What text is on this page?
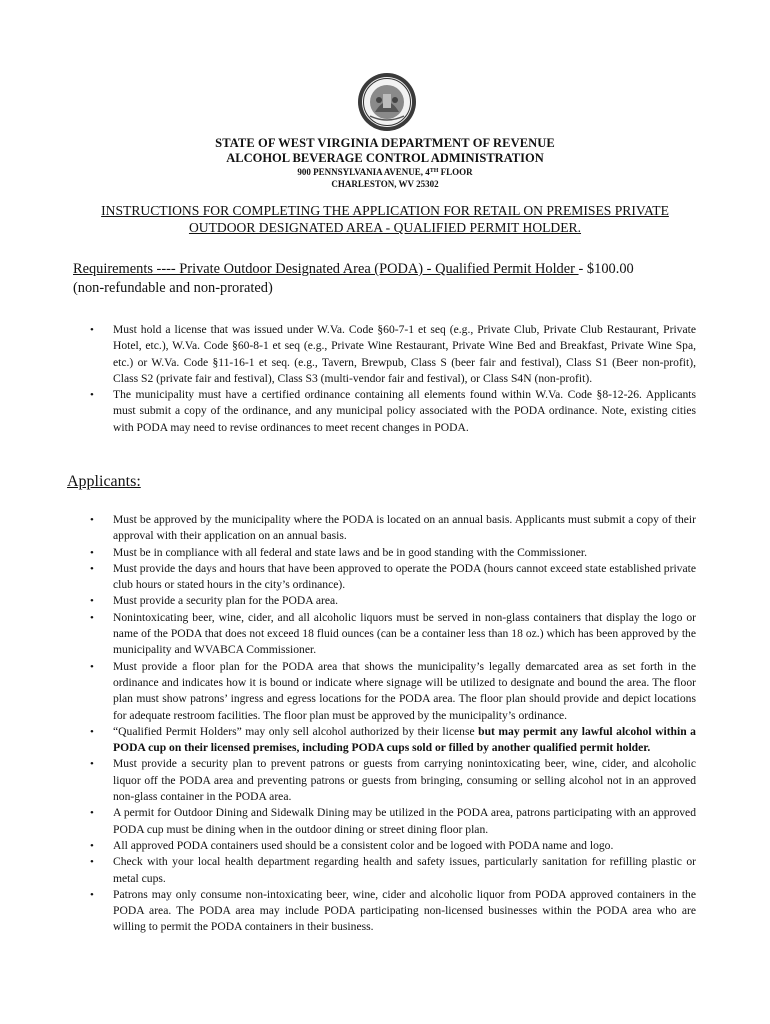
STATE OF WEST VIRGINIA DEPARTMENT OF REVENUE
ALCOHOL BEVERAGE CONTROL ADMINISTRATION
900 PENNSYLVANIA AVENUE, 4TH FLOOR
CHARLESTON, WV 25302
INSTRUCTIONS FOR COMPLETING THE APPLICATION FOR RETAIL ON PREMISES PRIVATE
OUTDOOR DESIGNATED AREA - QUALIFIED PERMIT HOLDER.
Requirements ---- Private Outdoor Designated Area (PODA) - Qualified Permit Holder - $100.00
(non-refundable and non-prorated)
• Must hold a license that was issued under W.Va. Code §60-7-1 et seq (e.g., Private Club, Private Club Restaurant, Private Hotel, etc.), W.Va. Code §60-8-1 et seq (e.g., Private Wine Restaurant, Private Wine Bed and Breakfast, Private Wine Spa, etc.) or W.Va. Code §11-16-1 et seq. (e.g., Tavern, Brewpub, Class S (beer fair and festival), Class S1 (Beer non-profit), Class S2 (private fair and festival), Class S3 (multi-vendor fair and festival), or Class S4N (non-profit).
• The municipality must have a certified ordinance containing all elements found within W.Va. Code §8-12-26. Applicants must submit a copy of the ordinance, and any municipal policy associated with the PODA ordinance. Note, existing cities with PODA may need to revise ordinances to meet recent changes in PODA.
Applicants:
• Must be approved by the municipality where the PODA is located on an annual basis. Applicants must submit a copy of their approval with their application on an annual basis.
• Must be in compliance with all federal and state laws and be in good standing with the Commissioner.
• Must provide the days and hours that have been approved to operate the PODA (hours cannot exceed state established private club hours or stated hours in the city’s ordinance).
• Must provide a security plan for the PODA area.
• Nonintoxicating beer, wine, cider, and all alcoholic liquors must be served in non-glass containers that display the logo or name of the PODA that does not exceed 18 fluid ounces (can be a container less than 18 oz.) which has been approved by the municipality and WVABCA Commissioner.
• Must provide a floor plan for the PODA area that shows the municipality’s legally demarcated area as set forth in the ordinance and indicates how it is bound or indicate where signage will be utilized to designate and bound the area. The floor plan must show patrons’ ingress and egress locations for the PODA area. The floor plan should provide and depict locations for adequate restroom facilities. The floor plan must be approved by the municipality’s ordinance.
• “Qualified Permit Holders” may only sell alcohol authorized by their license but may permit any lawful alcohol within a PODA cup on their licensed premises, including PODA cups sold or filled by another qualified permit holder.
• Must provide a security plan to prevent patrons or guests from carrying nonintoxicating beer, wine, cider, and alcoholic liquor off the PODA area and preventing patrons or guests from bringing, consuming or selling alcohol not in an approved non-glass container in the PODA area.
• A permit for Outdoor Dining and Sidewalk Dining may be utilized in the PODA area, patrons participating with an approved PODA cup must be dining when in the outdoor dining or street dining floor plan.
• All approved PODA containers used should be a consistent color and be logoed with PODA name and logo.
• Check with your local health department regarding health and safety issues, particularly sanitation for refilling plastic or metal cups.
• Patrons may only consume non-intoxicating beer, wine, cider and alcoholic liquor from PODA approved containers in the PODA area. The PODA area may include PODA participating non-licensed businesses within the PODA area who are willing to permit the PODA containers in their business.
